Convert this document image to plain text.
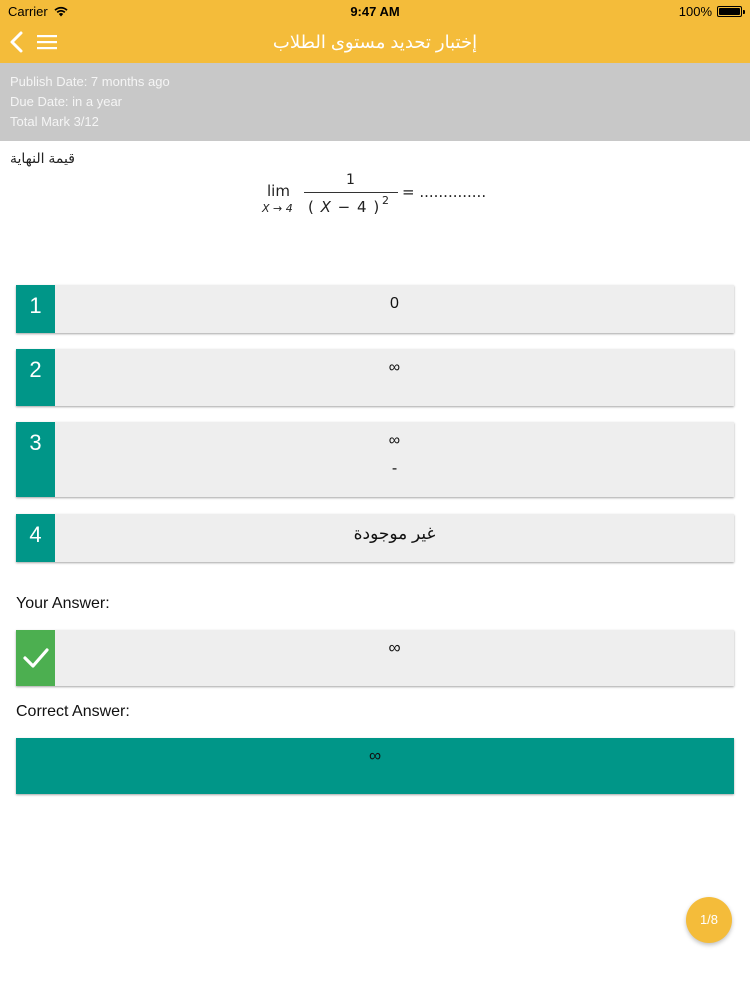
Carrier	9:47 AM	100%
إختبار تحديد مستوى الطلاب
Publish Date: 7 months ago
Due Date: in a year
Total Mark 3/12
قيمة النهاية
lim
X → 4
1
( X − 4 ) 2 = ..............
1	0
2	∞
3	∞
-
4	غير موجودة
Your Answer:
∞
Correct Answer:
∞
1/8
